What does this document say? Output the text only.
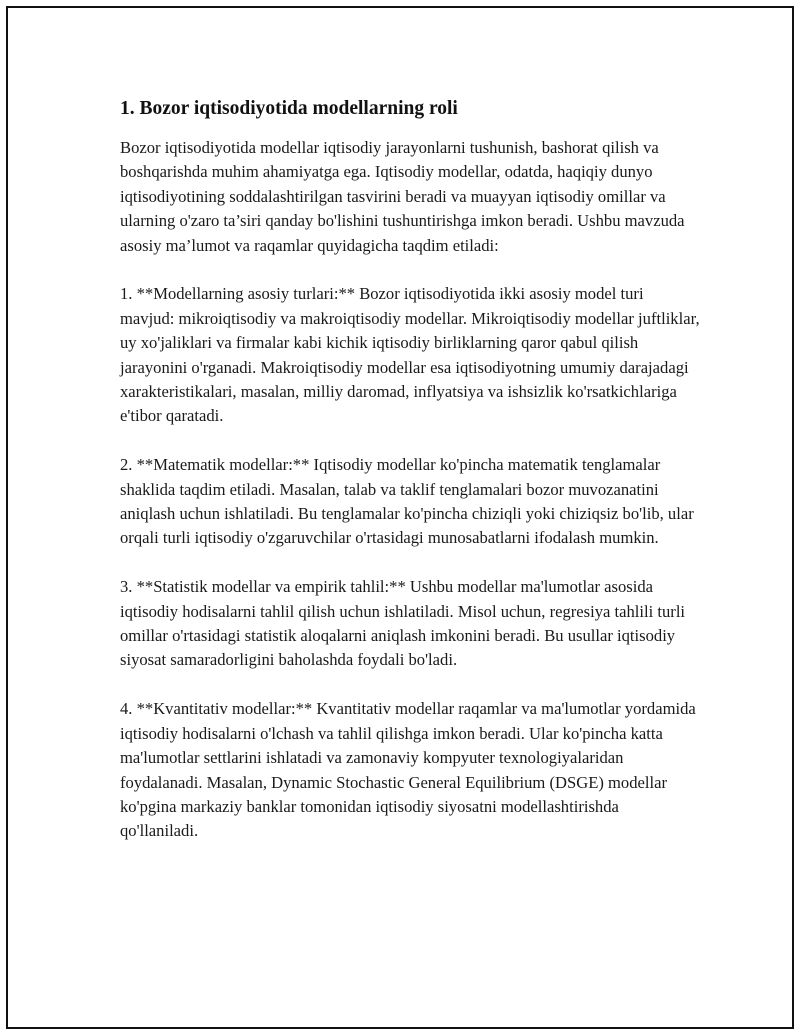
1. Bozor iqtisodiyotida modellarning roli

Bozor iqtisodiyotida modellar iqtisodiy jarayonlarni tushunish, bashorat qilish va boshqarishda muhim ahamiyatga ega. Iqtisodiy modellar, odatda, haqiqiy dunyo iqtisodiyotining soddalashtirilgan tasvirini beradi va muayyan iqtisodiy omillar va ularning o'zaro ta’siri qanday bo'lishini tushuntirishga imkon beradi. Ushbu mavzuda asosiy ma’lumot va raqamlar quyidagicha taqdim etiladi:

1. **Modellarning asosiy turlari:** Bozor iqtisodiyotida ikki asosiy model turi mavjud: mikroiqtisodiy va makroiqtisodiy modellar. Mikroiqtisodiy modellar juftliklar, uy xo'jaliklari va firmalar kabi kichik iqtisodiy birliklarning qaror qabul qilish jarayonini o'rganadi. Makroiqtisodiy modellar esa iqtisodiyotning umumiy darajadagi xarakteristikalari, masalan, milliy daromad, inflyatsiya va ishsizlik ko'rsatkichlariga e'tibor qaratadi.

2. **Matematik modellar:** Iqtisodiy modellar ko'pincha matematik tenglamalar shaklida taqdim etiladi. Masalan, talab va taklif tenglamalari bozor muvozanatini aniqlash uchun ishlatiladi. Bu tenglamalar ko'pincha chiziqli yoki chiziqsiz bo'lib, ular orqali turli iqtisodiy o'zgaruvchilar o'rtasidagi munosabatlarni ifodalash mumkin.

3. **Statistik modellar va empirik tahlil:** Ushbu modellar ma'lumotlar asosida iqtisodiy hodisalarni tahlil qilish uchun ishlatiladi. Misol uchun, regresiya tahlili turli omillar o'rtasidagi statistik aloqalarni aniqlash imkonini beradi. Bu usullar iqtisodiy siyosat samaradorligini baholashda foydali bo'ladi.

4. **Kvantitativ modellar:** Kvantitativ modellar raqamlar va ma'lumotlar yordamida iqtisodiy hodisalarni o'lchash va tahlil qilishga imkon beradi. Ular ko'pincha katta ma'lumotlar settlarini ishlatadi va zamonaviy kompyuter texnologiyalaridan foydalanadi. Masalan, Dynamic Stochastic General Equilibrium (DSGE) modellar ko'pgina markaziy banklar tomonidan iqtisodiy siyosatni modellashtirishda qo'llaniladi.
